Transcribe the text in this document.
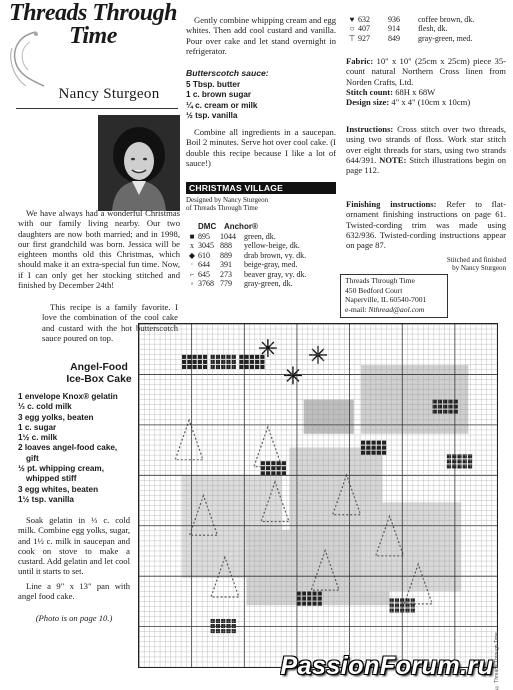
Threads Through Time
Nancy Sturgeon
We have always had a wonderful Christmas with our family living nearby. Our two daughters are now both married; and in 1998, our first grandchild was born. Jessica will be eighteen months old this Christmas, which should make it an extra-special fun time. Now, if I can only get her stocking stitched and finished by December 24th!
This recipe is a family favorite. I love the combination of the cool cake and custard with the hot butterscotch sauce poured on top.
Angel-Food
Ice-Box Cake
1 envelope Knox® gelatin
⅓ c. cold milk
3 egg yolks, beaten
1 c. sugar
1½ c. milk
2 loaves angel-food cake,
gift
½ pt. whipping cream,
whipped stiff
3 egg whites, beaten
1½ tsp. vanilla
Soak gelatin in ⅓ c. cold milk. Combine egg yolks, sugar, and 1½ c. milk in saucepan and cook on stove to make a custard. Add gelatin and let cool until it starts to set.
Line a 9" x 13" pan with angel food cake.
(Photo is on page 10.)
Gently combine whipping cream and egg whites. Then add cool custard and vanilla. Pour over cake and let stand overnight in refrigerator.
Butterscotch sauce:
5 Tbsp. butter
1 c. brown sugar
¼ c. cream or milk
½ tsp. vanilla
Combine all ingredients in a saucepan. Boil 2 minutes. Serve hot over cool cake. (I double this recipe because I like a lot of sauce!)
CHRISTMAS VILLAGE
Designed by Nancy Sturgeon
of Threads Through Time
DMC Anchor®
■ 895	1044	green, dk.
x 3045 888	yellow-beige, dk.
◆ 610	889	drab brown, vy. dk.
· 644	391	beige-gray, med.
⌐ 645	273	beaver gray, vy. dk.
◦ 3768 779	gray-green, dk.
♥ 632	936	coffee brown, dk.
○ 407	914	flesh, dk.
⊤ 927	849	gray-green, med.
Fabric: 10" x 10" (25cm x 25cm) piece 35-count natural Northern Cross linen from Norden Crafts, Ltd.
Stitch count: 68H x 68W
Design size: 4" x 4" (10cm x 10cm)
Instructions: Cross stitch over two threads, using two strands of floss. Work star stitch over eight threads for stars, using two strands 644/391. NOTE: Stitch illustrations begin on page 112.
Finishing instructions: Refer to flat-ornament finishing instructions on page 61. Twisted-cording trim was made using 632/936. Twisted-cording instructions appear on page 87.
Stitched and finished
by Nancy Sturgeon
Threads Through Time
450 Bedford Court
Naperville, IL 60540-7001
e-mail: Nthread@aol.com
© Threads Through Time
PassionForum.ru
